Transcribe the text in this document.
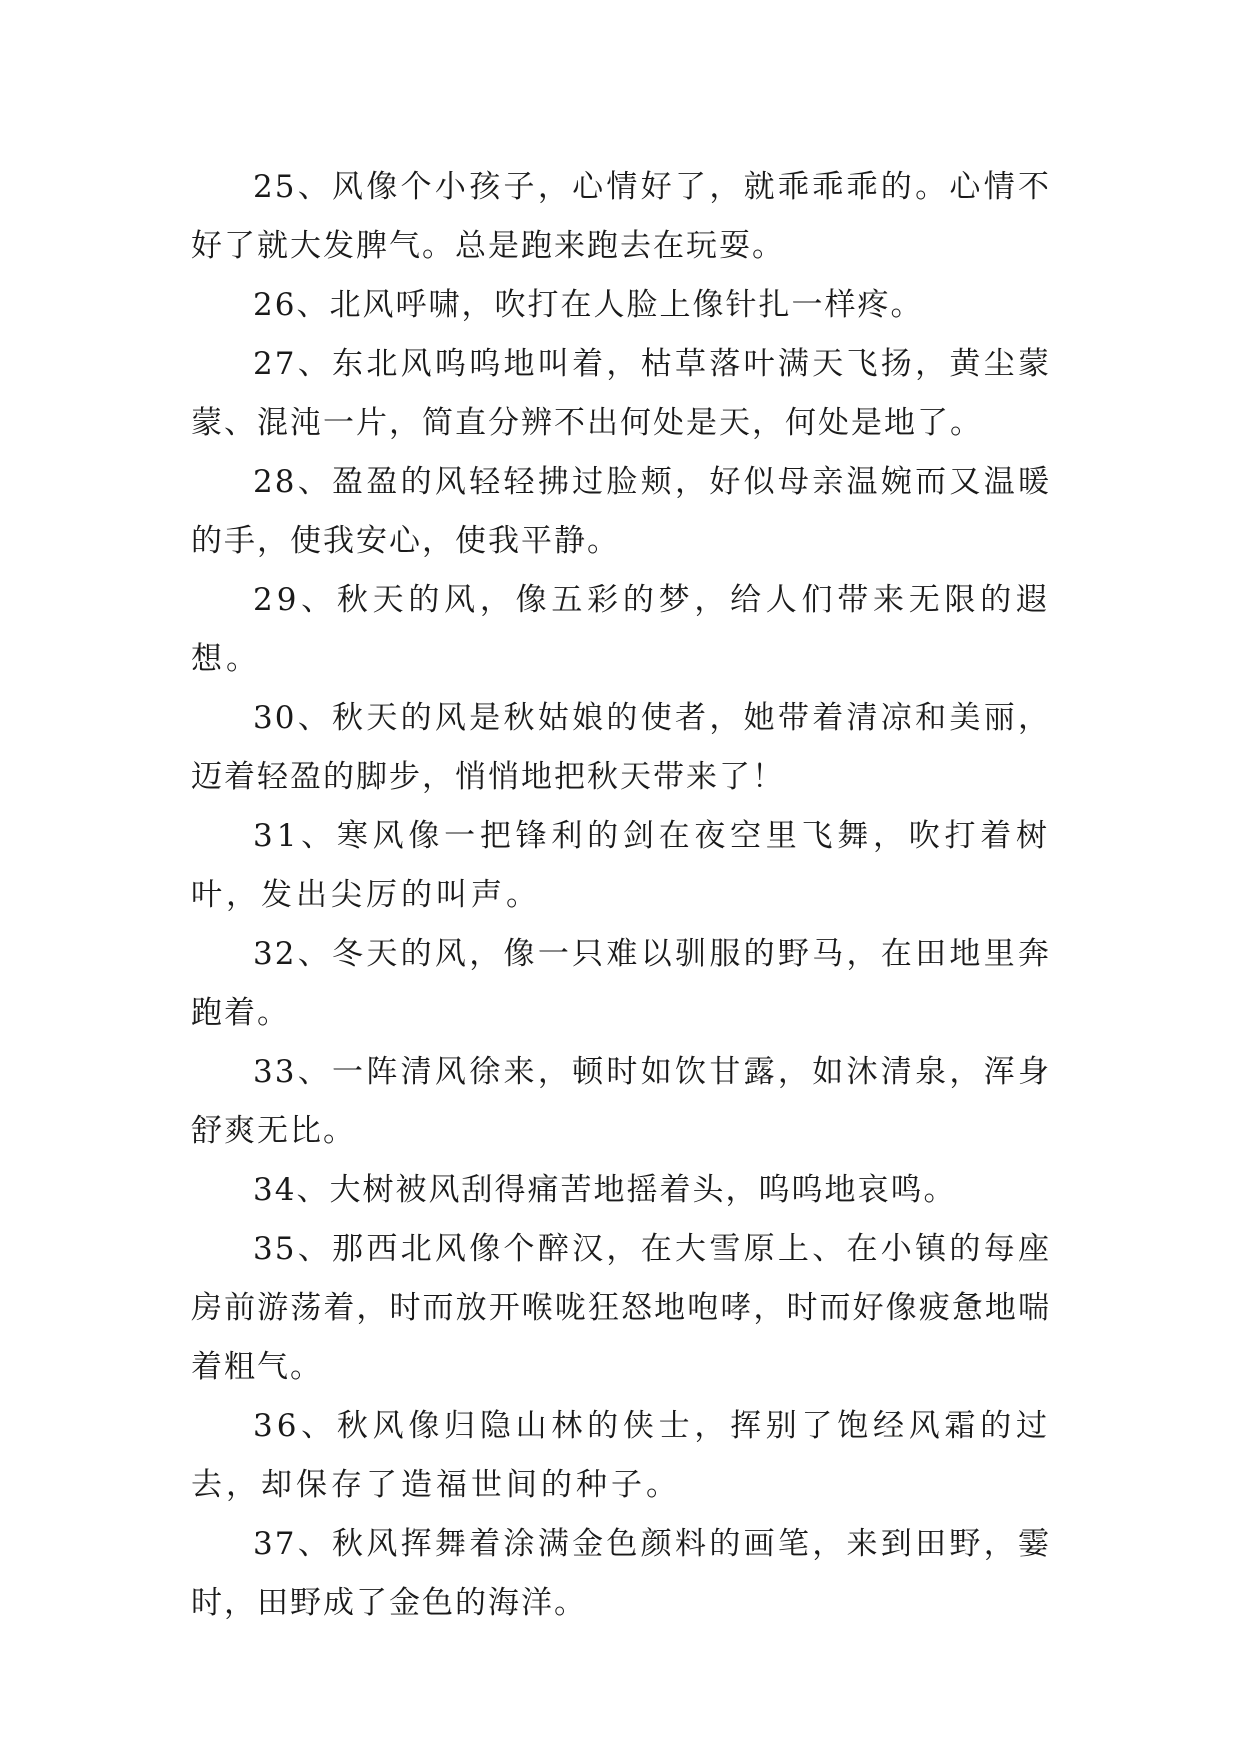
25、风像个小孩子，心情好了，就乖乖乖的。心情不好了就大发脾气。总是跑来跑去在玩耍。

26、北风呼啸，吹打在人脸上像针扎一样疼。

27、东北风呜呜地叫着，枯草落叶满天飞扬，黄尘蒙蒙、混沌一片，简直分辨不出何处是天，何处是地了。

28、盈盈的风轻轻拂过脸颊，好似母亲温婉而又温暖的手，使我安心，使我平静。

29、秋天的风，像五彩的梦，给人们带来无限的遐想。

30、秋天的风是秋姑娘的使者，她带着清凉和美丽，迈着轻盈的脚步，悄悄地把秋天带来了！

31、寒风像一把锋利的剑在夜空里飞舞，吹打着树叶，发出尖厉的叫声。

32、冬天的风，像一只难以驯服的野马，在田地里奔跑着。

33、一阵清风徐来，顿时如饮甘露，如沐清泉，浑身舒爽无比。

34、大树被风刮得痛苦地摇着头，呜呜地哀鸣。

35、那西北风像个醉汉，在大雪原上、在小镇的每座房前游荡着，时而放开喉咙狂怒地咆哮，时而好像疲惫地喘着粗气。

36、秋风像归隐山林的侠士，挥别了饱经风霜的过去，却保存了造福世间的种子。

37、秋风挥舞着涂满金色颜料的画笔，来到田野，霎时，田野成了金色的海洋。
